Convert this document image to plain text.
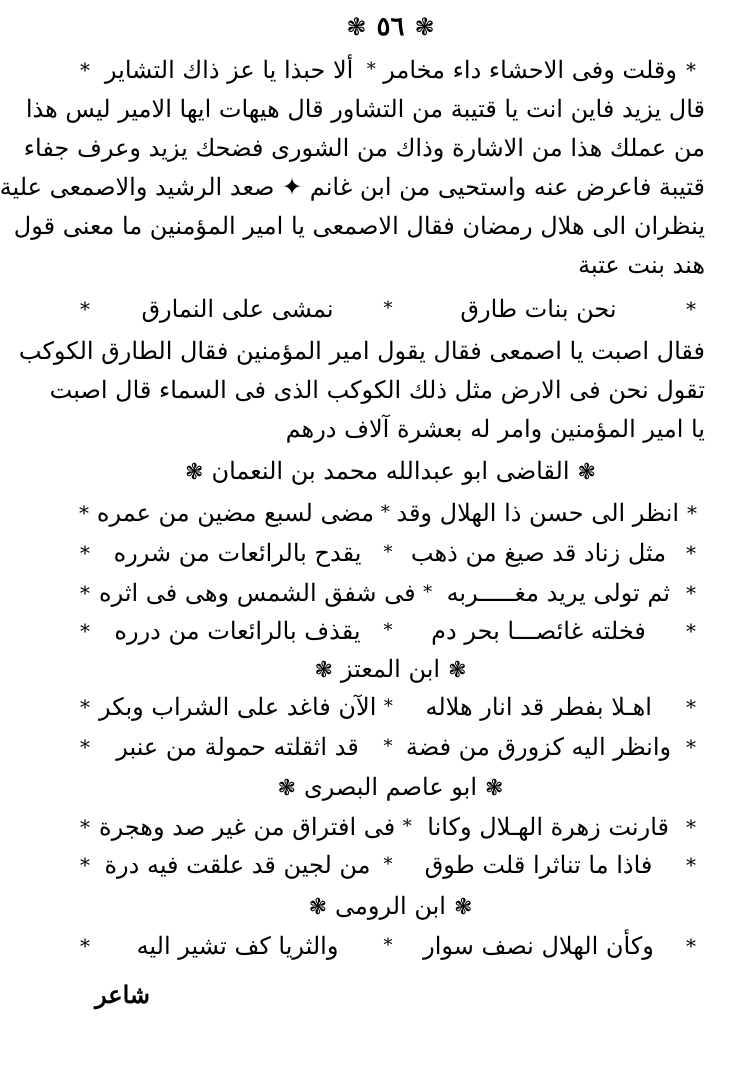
❃
٥٦
❃
*
وقلت وفى الاحشاء داء مخامر
*
ألا حبذا يا عز ذاك التشاير
*
قال يزيد فاين انت يا قتيبة من التشاور قال هيهات ايها الامير ليس هذا
من عملك هذا من الاشارة وذاك من الشورى فضحك يزيد وعرف جفاء
قتيبة فاعرض عنه واستحيى من ابن غانم ✦ صعد الرشيد والاصمعى علية
ينظران الى هلال رمضان فقال الاصمعى يا امير المؤمنين ما معنى قول
هند بنت عتبة
*
نحن بنات طارق
*
نمشى على النمارق
*
فقال اصبت يا اصمعى فقال يقول امير المؤمنين فقال الطارق الكوكب
تقول نحن فى الارض مثل ذلك الكوكب الذى فى السماء قال اصبت
يا امير المؤمنين وامر له بعشرة آلاف درهم
❃القاضى ابو عبدالله محمد بن النعمان❃
*
انظر الى حسن ذا الهلال وقد
*
مضى لسبع مضين من عمره
*
*
مثل زناد قد صيغ من ذهب
*
يقدح بالرائعات من شرره
*
*
ثم تولى يريد مغـــــربه
*
فى شفق الشمس وهى فى اثره
*
*
فخلته غائصـــا بحر دم
*
يقذف بالرائعات من درره
*
❃ابن المعتز❃
*
اهـلا بفطر قد انار هلاله
*
الآن فاغد على الشراب وبكر
*
*
وانظر اليه كزورق من فضة
*
قد اثقلته حمولة من عنبر
*
❃ابو عاصم البصرى❃
*
قارنت زهرة الهـلال وكانا
*
فى افتراق من غير صد وهجرة
*
*
فاذا ما تناثرا قلت طوق
*
من لجين قد علقت فيه درة
*
❃ابن الرومى❃
*
وكأن الهلال نصف سوار
*
والثريا كف تشير اليه
*
شاعر
